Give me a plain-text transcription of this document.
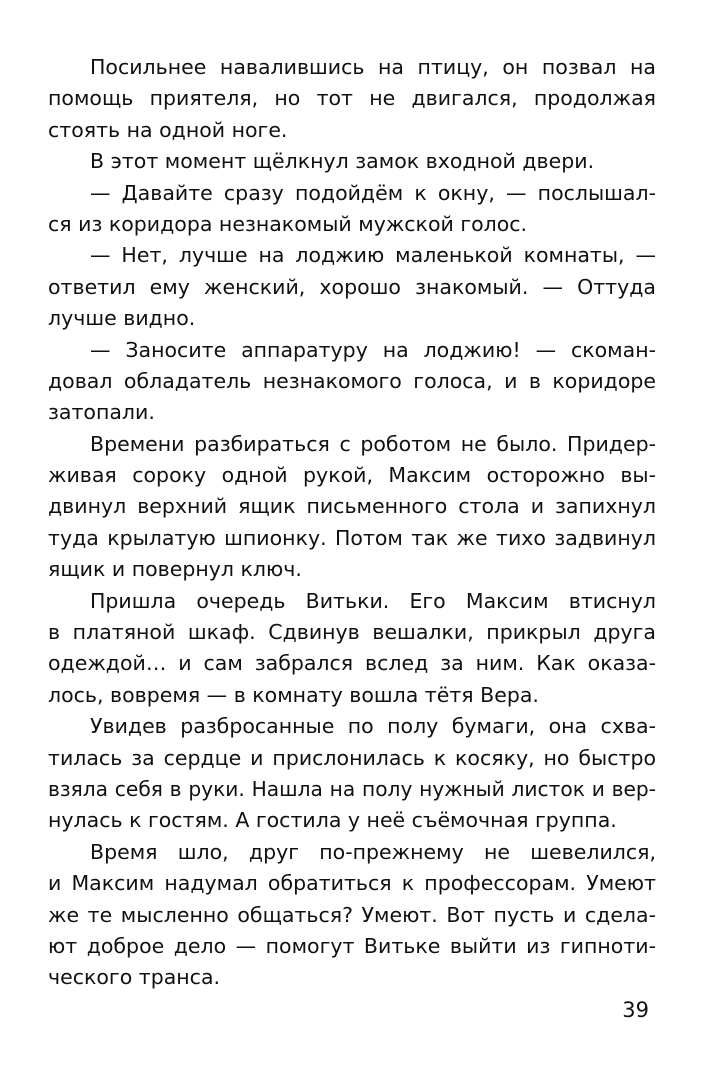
Посильнее навалившись на птицу, он позвал на
помощь приятеля, но тот не двигался, продолжая
стоять на одной ноге.
В этот момент щёлкнул замок входной двери.
— Давайте сразу подойдём к окну, — послышал-
ся из коридора незнакомый мужской голос.
— Нет, лучше на лоджию маленькой комнаты, —
ответил ему женский, хорошо знакомый. — Оттуда
лучше видно.
— Заносите аппаратуру на лоджию! — скоман-
довал обладатель незнакомого голоса, и в коридоре
затопали.
Времени разбираться с роботом не было. Придер-
живая сороку одной рукой, Максим осторожно вы-
двинул верхний ящик письменного стола и запихнул
туда крылатую шпионку. Потом так же тихо задвинул
ящик и повернул ключ.
Пришла очередь Витьки. Его Максим втиснул
в платяной шкаф. Сдвинув вешалки, прикрыл друга
одеждой… и сам забрался вслед за ним. Как оказа-
лось, вовремя — в комнату вошла тётя Вера.
Увидев разбросанные по полу бумаги, она схва-
тилась за сердце и прислонилась к косяку, но быстро
взяла себя в руки. Нашла на полу нужный листок и вер-
нулась к гостям. А гостила у неё съёмочная группа.
Время шло, друг по-прежнему не шевелился,
и Максим надумал обратиться к профессорам. Умеют
же те мысленно общаться? Умеют. Вот пусть и сдела-
ют доброе дело — помогут Витьке выйти из гипноти-
ческого транса.
39
